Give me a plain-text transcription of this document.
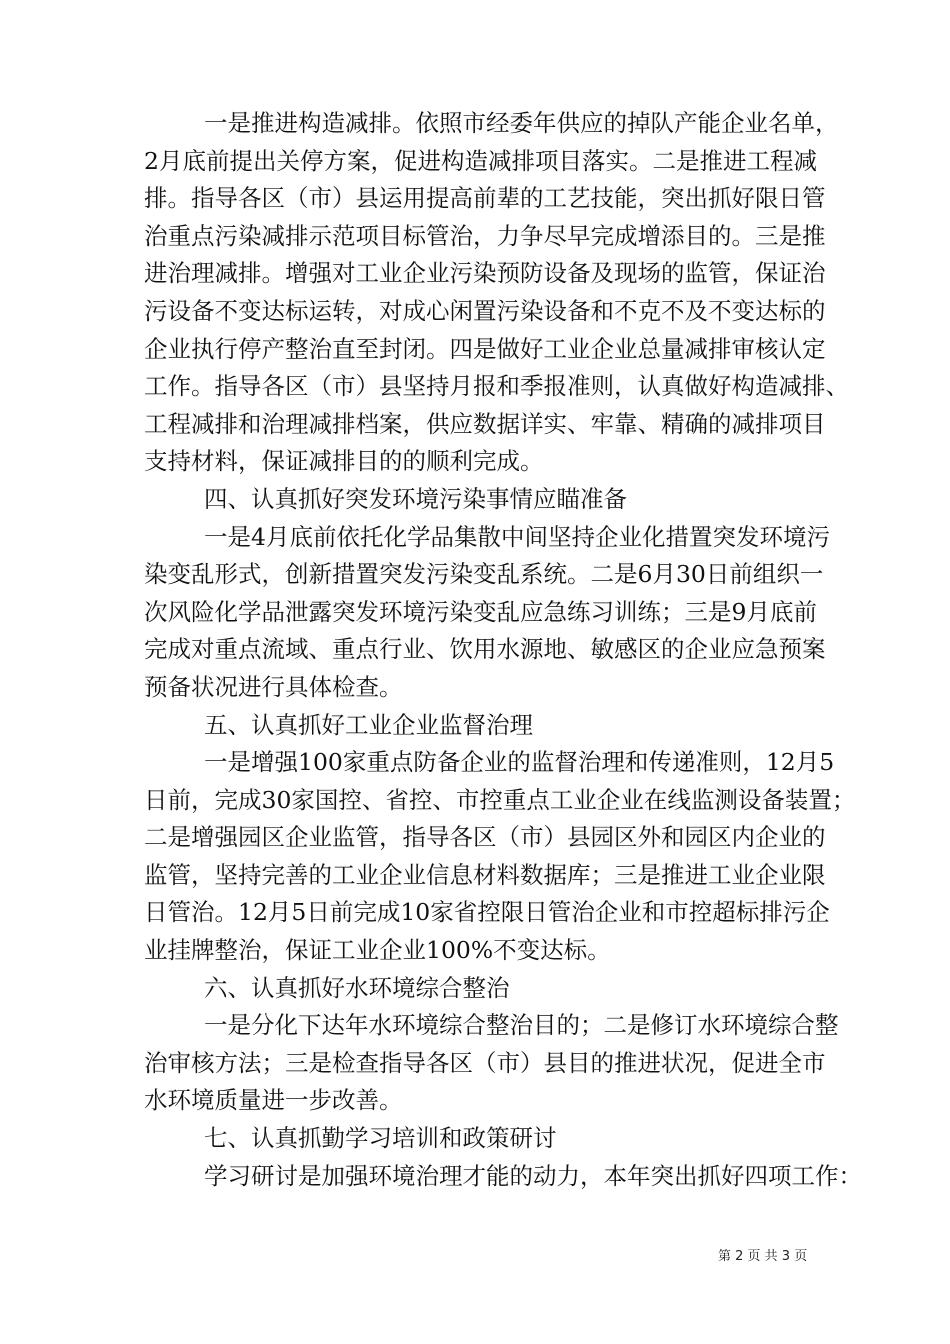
一是推进构造减排。依照市经委年供应的掉队产能企业名单，
2月底前提出关停方案，促进构造减排项目落实。二是推进工程减
排。指导各区（市）县运用提高前辈的工艺技能，突出抓好限日管
治重点污染减排示范项目标管治，力争尽早完成增添目的。三是推
进治理减排。增强对工业企业污染预防设备及现场的监管，保证治
污设备不变达标运转，对成心闲置污染设备和不克不及不变达标的
企业执行停产整治直至封闭。四是做好工业企业总量减排审核认定
工作。指导各区（市）县坚持月报和季报准则，认真做好构造减排、
工程减排和治理减排档案，供应数据详实、牢靠、精确的减排项目
支持材料，保证减排目的的顺利完成。
四、认真抓好突发环境污染事情应瞄准备
一是4月底前依托化学品集散中间坚持企业化措置突发环境污
染变乱形式，创新措置突发污染变乱系统。二是6月30日前组织一
次风险化学品泄露突发环境污染变乱应急练习训练；三是9月底前
完成对重点流域、重点行业、饮用水源地、敏感区的企业应急预案
预备状况进行具体检查。
五、认真抓好工业企业监督治理
一是增强100家重点防备企业的监督治理和传递准则，12月5
日前，完成30家国控、省控、市控重点工业企业在线监测设备装置；
二是增强园区企业监管，指导各区（市）县园区外和园区内企业的
监管，坚持完善的工业企业信息材料数据库；三是推进工业企业限
日管治。12月5日前完成10家省控限日管治企业和市控超标排污企
业挂牌整治，保证工业企业100%不变达标。
六、认真抓好水环境综合整治
一是分化下达年水环境综合整治目的；二是修订水环境综合整
治审核方法；三是检查指导各区（市）县目的推进状况，促进全市
水环境质量进一步改善。
七、认真抓勤学习培训和政策研讨
学习研讨是加强环境治理才能的动力，本年突出抓好四项工作：
第 2 页 共 3 页
